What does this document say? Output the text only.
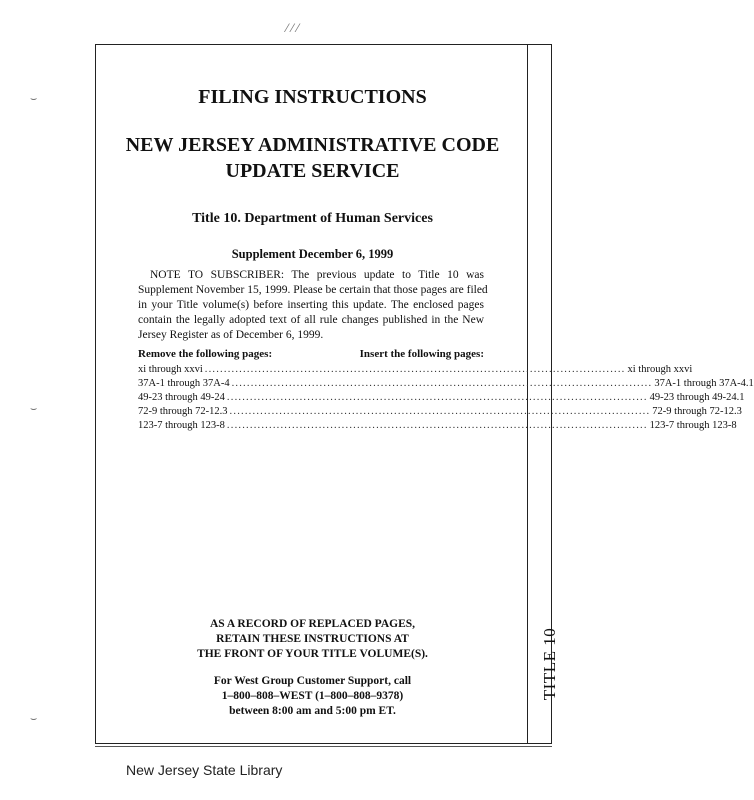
⁄ ⁄ ⁄
⌣
⌣
⌣
TITLE 10
FILING INSTRUCTIONS
NEW JERSEY ADMINISTRATIVE CODE
UPDATE SERVICE
Title 10. Department of Human Services
Supplement December 6, 1999
NOTE TO SUBSCRIBER: The previous update to Title 10 was
Supplement November 15, 1999. Please be certain that those pages are filed
in your Title volume(s) before inserting this update. The enclosed pages
contain the legally adopted text of all rule changes published in the New
Jersey Register as of December 6, 1999.
Remove the following pages:	Insert the following pages:
xi through xxvi .............................................................................................................. xi through xxvi
37A-1 through 37A-4 .............................................................................................................. 37A-1 through 37A-4.1
49-23 through 49-24 .............................................................................................................. 49-23 through 49-24.1
72-9 through 72-12.3 .............................................................................................................. 72-9 through 72-12.3
123-7 through 123-8 .............................................................................................................. 123-7 through 123-8
AS A RECORD OF REPLACED PAGES,
RETAIN THESE INSTRUCTIONS AT
THE FRONT OF YOUR TITLE VOLUME(S).
For West Group Customer Support, call
1–800–808–WEST (1–800–808–9378)
between 8:00 am and 5:00 pm ET.
New Jersey State Library
